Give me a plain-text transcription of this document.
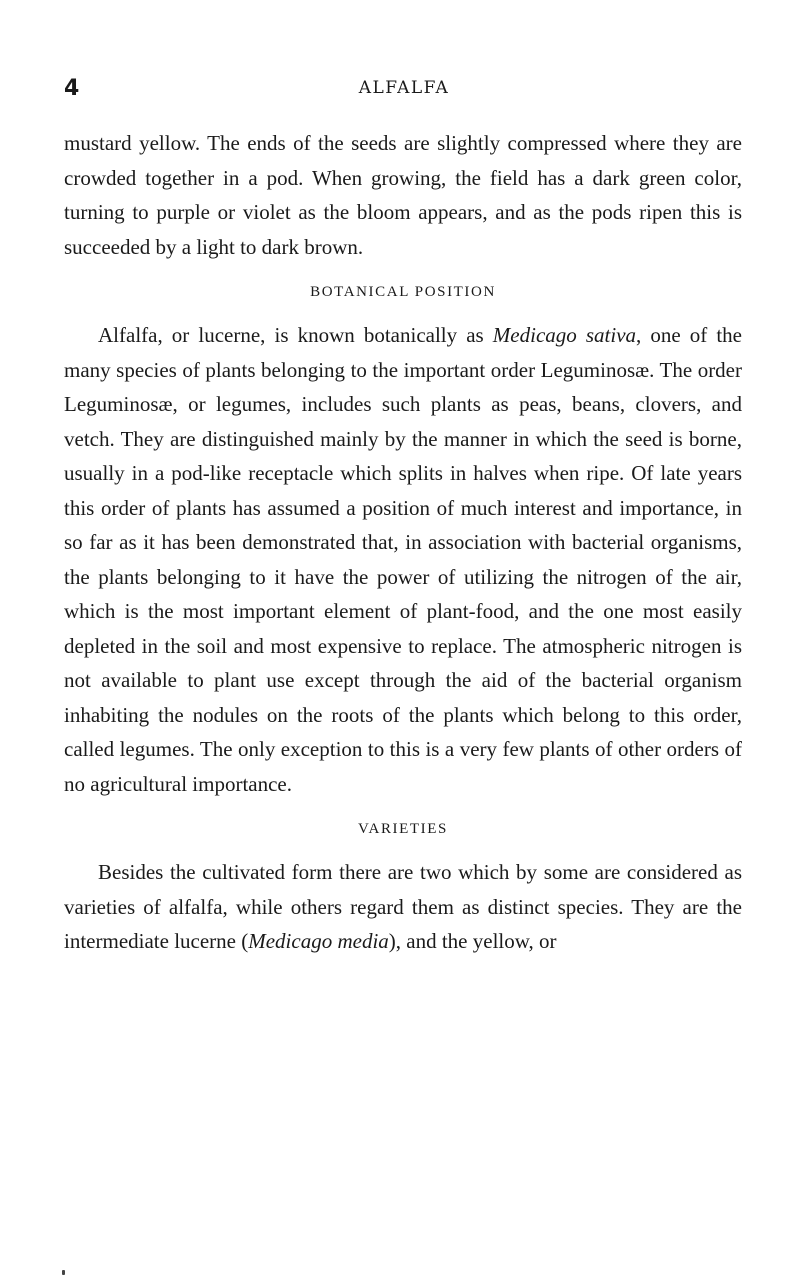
4	ALFALFA

mustard yellow. The ends of the seeds are slightly compressed where they are crowded together in a pod. When growing, the field has a dark green color, turning to purple or violet as the bloom appears, and as the pods ripen this is succeeded by a light to dark brown.

BOTANICAL POSITION

Alfalfa, or lucerne, is known botanically as Medicago sativa, one of the many species of plants belonging to the important order Leguminosæ. The order Leguminosæ, or legumes, includes such plants as peas, beans, clovers, and vetch. They are distinguished mainly by the manner in which the seed is borne, usually in a pod-like receptacle which splits in halves when ripe. Of late years this order of plants has assumed a position of much interest and importance, in so far as it has been demonstrated that, in association with bacterial organisms, the plants belonging to it have the power of utilizing the nitrogen of the air, which is the most important element of plant-food, and the one most easily depleted in the soil and most expensive to replace. The atmospheric nitrogen is not available to plant use except through the aid of the bacterial organism inhabiting the nodules on the roots of the plants which belong to this order, called legumes. The only exception to this is a very few plants of other orders of no agricultural importance.

VARIETIES

Besides the cultivated form there are two which by some are considered as varieties of alfalfa, while others regard them as distinct species. They are the intermediate lucerne (Medicago media), and the yellow, or
